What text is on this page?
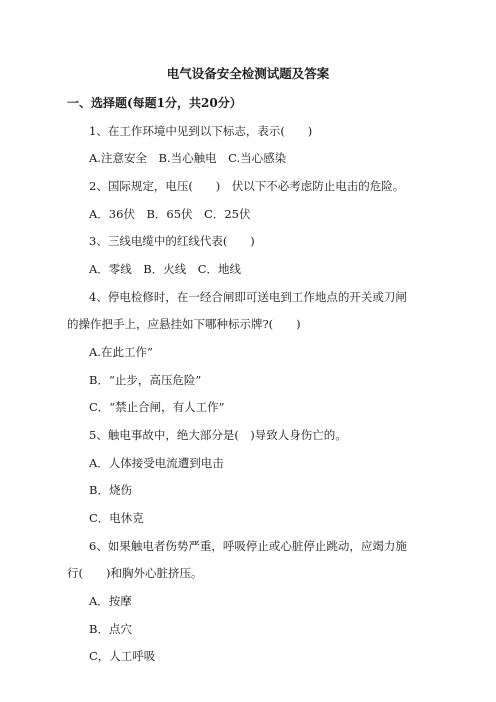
电气设备安全检测试题及答案
一、选择题(每题1分，共20分）
1、在工作环境中见到以下标志，表示(　　)
A.注意安全　B.当心触电　C.当心感染
2、国际规定，电压(　　)　伏以下不必考虑防止电击的危险。
A．36伏　B．65伏　C．25伏
3、三线电缆中的红线代表(　　)
A．零线　B．火线　C．地线
4、停电检修时，在一经合闸即可送电到工作地点的开关或刀闸
的操作把手上，应悬挂如下哪种标示牌?(　　)
A.在此工作”
B．“止步，高压危险”
C．“禁止合闸，有人工作”
5、触电事故中，绝大部分是(　)导致人身伤亡的。
A．人体接受电流遭到电击
B．烧伤
C．电休克
6、如果触电者伤势严重，呼吸停止或心脏停止跳动，应竭力施
行(　　)和胸外心脏挤压。
A．按摩
B．点穴
C，人工呼吸
